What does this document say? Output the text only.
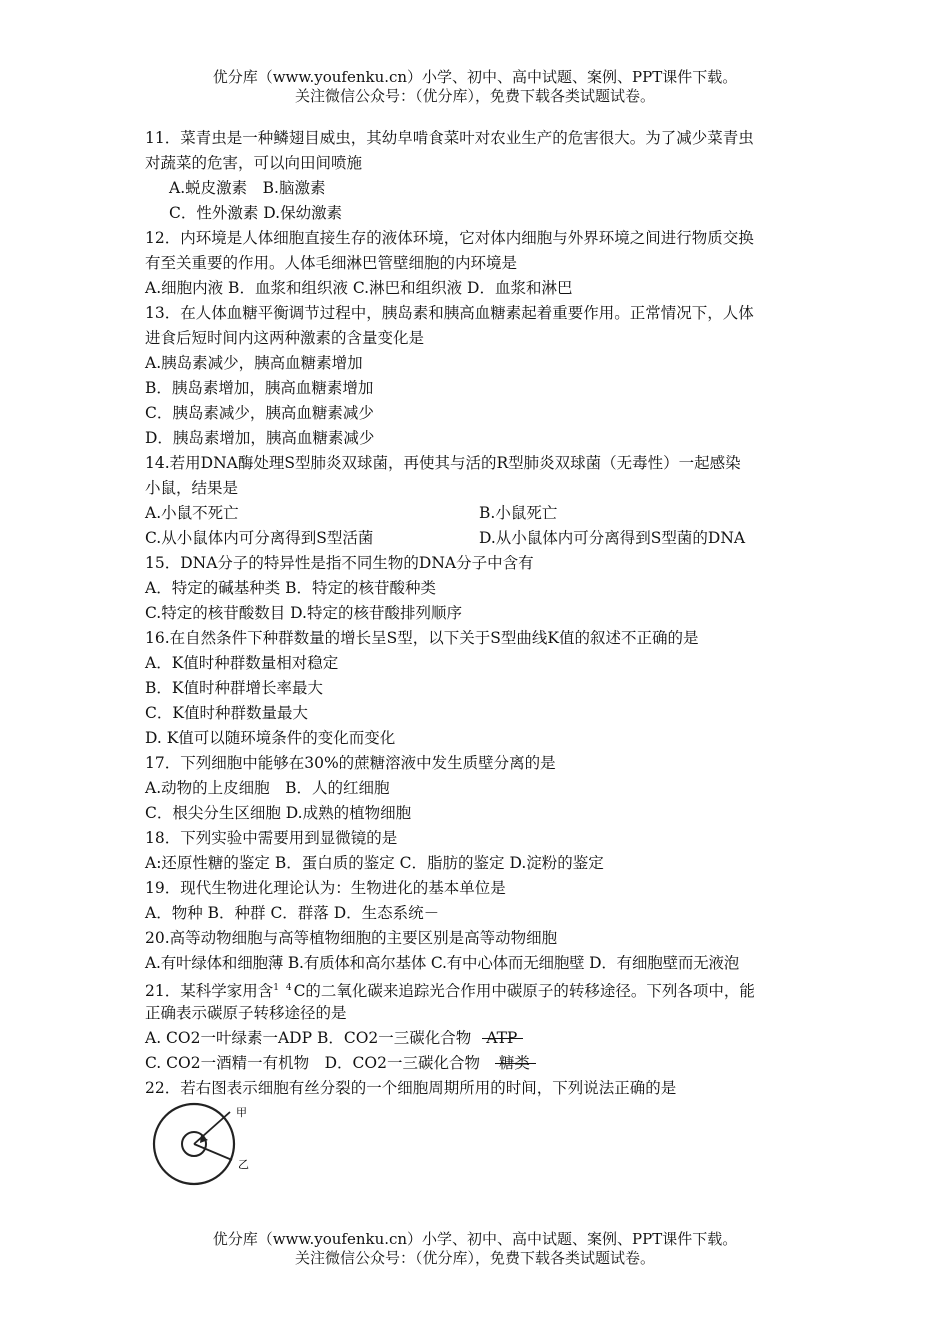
优分库（www.youfenku.cn）小学、初中、高中试题、案例、PPT课件下载。
关注微信公众号：（优分库），免费下载各类试题试卷。
11．菜青虫是一种鳞翅目威虫，其幼皁啃食菜叶对农业生产的危害很大。为了减少菜青虫
对蔬菜的危害，可以向田间喷施
A.蜕皮激素　B.脑激素
C．性外激素 D.保幼激素
12．内环境是人体细胞直接生存的液体环境，它对体内细胞与外界环境之间进行物质交换
有至关重要的作用。人体毛细淋巴管壁细胞的内环境是
A.细胞内液 B．血浆和组织液 C.淋巴和组织液 D．血浆和淋巴
13．在人体血糖平衡调节过程中，胰岛素和胰高血糖素起着重要作用。正常情况下，人体
进食后短时间内这两种激素的含量变化是
A.胰岛素减少，胰高血糖素增加
B．胰岛素增加，胰高血糖素增加
C．胰岛素减少，胰高血糖素减少
D．胰岛素增加，胰高血糖素减少
14.若用DNA酶处理S型肺炎双球菌，再使其与活的R型肺炎双球菌（无毒性）一起感染
小鼠，结果是
A.小鼠不死亡	B.小鼠死亡
C.从小鼠体内可分离得到S型活菌	D.从小鼠体内可分离得到S型菌的DNA
15．DNA分子的特异性是指不同生物的DNA分子中含有
A．特定的碱基种类 B．特定的核苷酸种类
C.特定的核苷酸数目 D.特定的核苷酸排列顺序
16.在自然条件下种群数量的增长呈S型，以下关于S型曲线K值的叙述不正确的是
A．K值时种群数量相对稳定
B．K值时种群增长率最大
C．K值时种群数量最大
D. K值可以随环境条件的变化而变化
17．下列细胞中能够在30%的蔗糖溶液中发生质壁分离的是
A.动物的上皮细胞　B．人的红细胞
C．根尖分生区细胞 D.成熟的植物细胞
18．下列实验中需要用到显微镜的是
A:还原性糖的鉴定 B．蛋白质的鉴定 C．脂肪的鉴定 D.淀粉的鉴定
19．现代生物进化理论认为：生物进化的基本单位是
A．物种 B．种群 C．群落 D．生态系统－
20.高等动物细胞与高等植物细胞的主要区别是高等动物细胞
A.有叶绿体和细胞薄 B.有质体和高尔基体 C.有中心体而无细胞壁 D．有细胞壁而无液泡
21．某科学家用含$^{1 4}$C的二氧化碳来追踪光合作用中碳原子的转移途径。下列各项中，能
正确表示碳原子转移途径的是
A. CO2一叶绿素一ADP B．CO2一三碳化合物 ATP
C. CO2一酒精一有机物　D．CO2一三碳化合物 糖类
22．若右图表示细胞有丝分裂的一个细胞周期所用的时间，下列说法正确的是
甲
乙
优分库（www.youfenku.cn）小学、初中、高中试题、案例、PPT课件下载。
关注微信公众号：（优分库），免费下载各类试题试卷。
